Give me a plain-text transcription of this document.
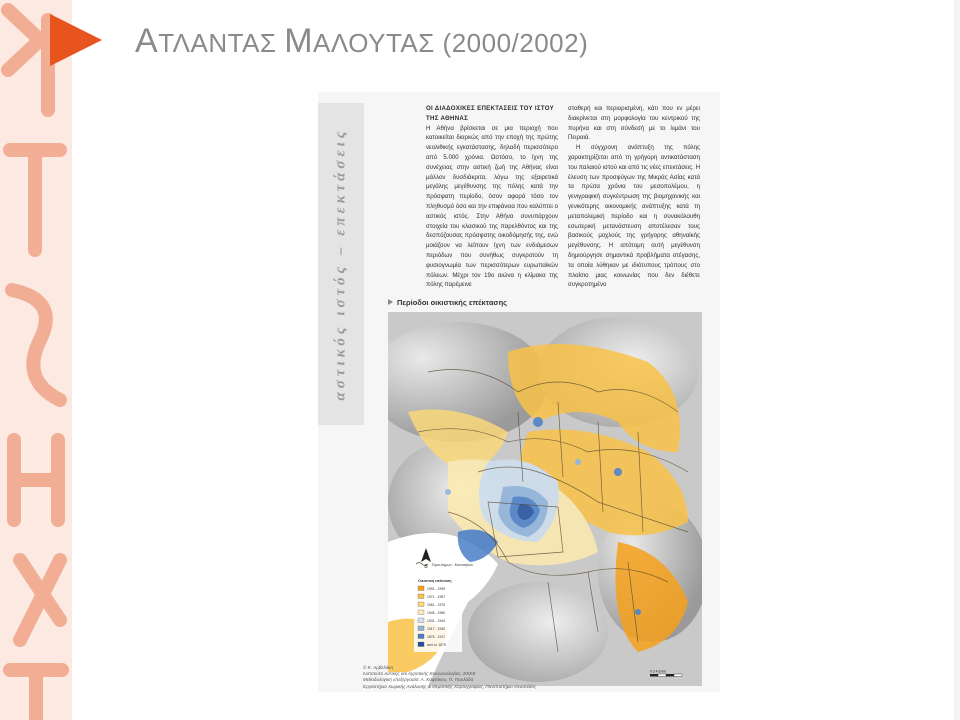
ΑΤΛΑΝΤΑΣ ΜΑΛΟΥΤΑΣ (2000/2002)
αστικός ιστός – επεκτάσεις
ΟΙ ΔΙΑΔΟΧΙΚΕΣ ΕΠΕΚΤΑΣΕΙΣ ΤΟΥ ΙΣΤΟΥ
ΤΗΣ ΑΘΗΝΑΣ

Η Αθήνα βρίσκεται σε μια περιοχή που κατοικείται διαρκώς από την εποχή της πρώτης νεολιθικής εγκατάστασης, δηλαδή περισσότερο από 5.000 χρόνια. Ωστόσο, το ίχνη της συνέχειας στην αστική ζωή της Αθήνας είναι μάλλον δυσδιάκριτα, λόγω της εξαιρετικά μεγάλης μεγέθυνσης της πόλης κατά την πρόσφατη περίοδο, όσον αφορά τόσο τον πληθυσμό όσο και την επιφάνεια που καλύπτει ο αστικός ιστός. Στην Αθήνα συνυπάρχουν στοιχεία του κλασικού της παρελθόντος και της δεσπόζουσας πρόσφατης οικοδόμησής της, ενώ μοιάζουν να λείπουν ίχνη των ενδιάμεσων περιόδων που συνήθως συγκροτούν τη φυσιογνωμία των περισσότερων ευρωπαϊκών πόλεων. Μέχρι τον 19ο αιώνα η κλίμακα της πόλης παρέμεινε

σταθερή και περιορισμένη, κάτι που εν μέρει διακρίνεται στη μορφολογία του κεντρικού της πυρήνα και στη σύνδεσή με το λιμάνι του Πειραιά.

Η σύγχρονη ανάπτυξη της πόλης χαρακτηρίζεται από τη γρήγορη αντικατάσταση του παλαιού ιστού και από τις νέες επεκτάσεις. Η έλευση των προσφύγων της Μικράς Ασίας κατά τα πρώτα χρόνια του μεσοπολέμου, η γενιγραφική συγκέντρωση της βιομηχανικής και γενικότερης οικονομικής ανάπτυξης κατά τη μεταπολεμική περίοδο και η συνακόλουθη εσωτερική μετανάστευση αποτέλεσαν τους βασικούς μοχλούς της γρήγορης αθηναϊκής μεγέθυνσης. Η απότομη αυτή μεγέθυνση δημιούργησε σημαντικά προβλήματα στέγασης, τα οποία λύθηκαν με ιδιότυπους τρόπους στο πλαίσιο μιας κοινωνίας που δεν διέθετε συγκροτημένο

Περίοδοι οικιστικής επέκτασης
Β Όρια Δήμων - Κοινοτήτων
Οικιστική επέκταση
1991 - 1999
1971 - 1987
1961 - 1970
1945 - 1960
1931 - 1944
1917 - 1930
1875 - 1917
από το 1875
0 2 4 6 km
© Κ. Αρβελάκη
Ινστιτούτο Αστικής και Αγροτικής Κοινωνιολογίας, ΕΚΚΕ
Μεθοδολογική επεξεργασία: Α. Καφτάκου, Π. Πουλάδα
Εργαστήριο Χωρικής Ανάλυσης & Θεματικής Χαρτογραφίας, Πανεπιστήμιο Θεσσαλίας
